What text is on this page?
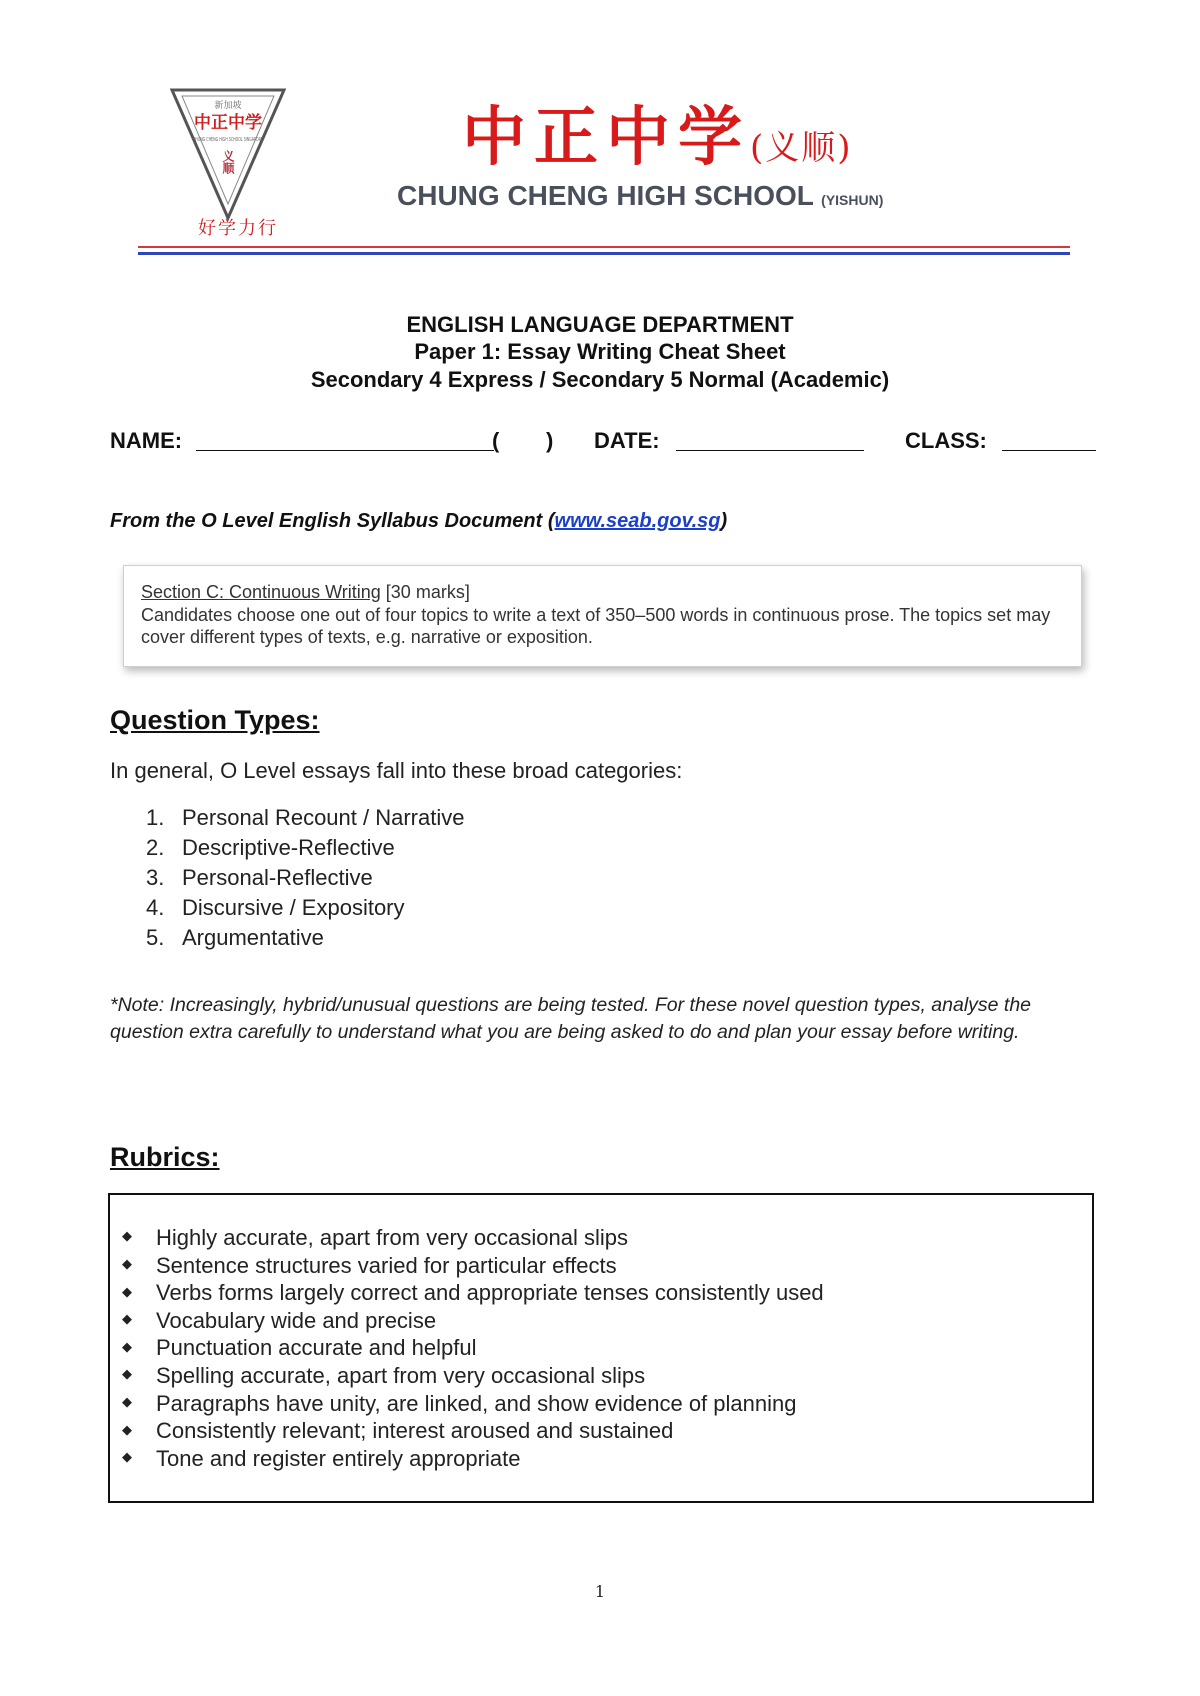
新加坡
中正中学
CHUNG CHENG HIGH SCHOOL SINGAPORE
义顺
好学力行
中正中学(义顺)
CHUNG CHENG HIGH SCHOOL (YISHUN)
ENGLISH LANGUAGE DEPARTMENT
Paper 1: Essay Writing Cheat Sheet
Secondary 4 Express / Secondary 5 Normal (Academic)
NAME:	( ) DATE:	CLASS:
From the O Level English Syllabus Document (www.seab.gov.sg)
Section C: Continuous Writing [30 marks]
Candidates choose one out of four topics to write a text of 350–500 words in continuous prose. The topics set may cover different types of texts, e.g. narrative or exposition.
Question Types:
In general, O Level essays fall into these broad categories:
1. Personal Recount / Narrative
2. Descriptive-Reflective
3. Personal-Reflective
4. Discursive / Expository
5. Argumentative
*Note: Increasingly, hybrid/unusual questions are being tested. For these novel question types, analyse the question extra carefully to understand what you are being asked to do and plan your essay before writing.
Rubrics:
◆ Highly accurate, apart from very occasional slips
◆ Sentence structures varied for particular effects
◆ Verbs forms largely correct and appropriate tenses consistently used
◆ Vocabulary wide and precise
◆ Punctuation accurate and helpful
◆ Spelling accurate, apart from very occasional slips
◆ Paragraphs have unity, are linked, and show evidence of planning
◆ Consistently relevant; interest aroused and sustained
◆ Tone and register entirely appropriate
1
